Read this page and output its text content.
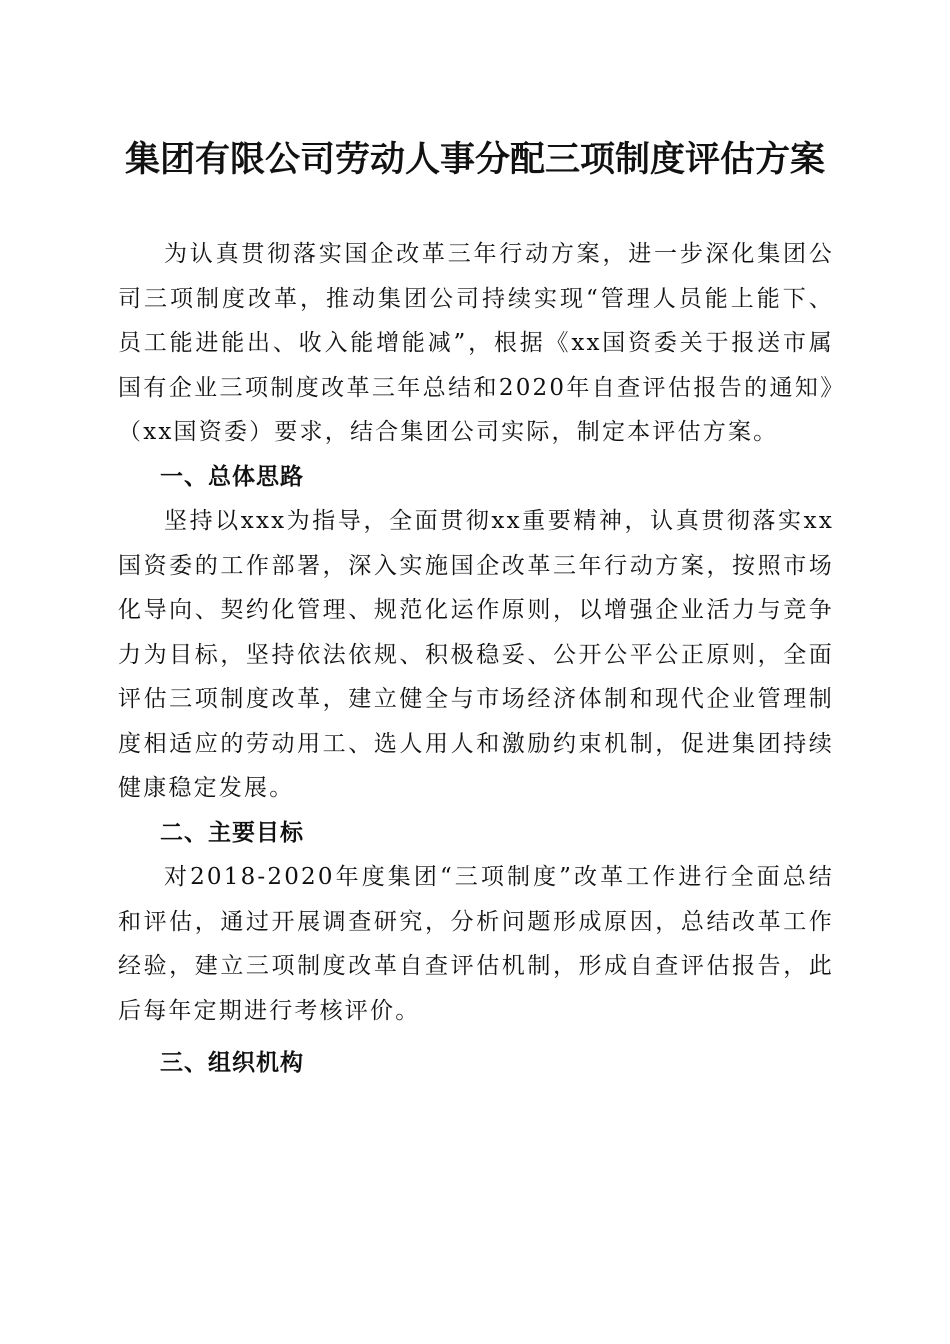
集团有限公司劳动人事分配三项制度评估方案

为认真贯彻落实国企改革三年行动方案，进一步深化集团公司三项制度改革，推动集团公司持续实现“管理人员能上能下、员工能进能出、收入能增能减”，根据《xx国资委关于报送市属国有企业三项制度改革三年总结和2020年自查评估报告的通知》（xx国资委）要求，结合集团公司实际，制定本评估方案。

一、总体思路

坚持以xxx为指导，全面贯彻xx重要精神，认真贯彻落实xx国资委的工作部署，深入实施国企改革三年行动方案，按照市场化导向、契约化管理、规范化运作原则，以增强企业活力与竞争力为目标，坚持依法依规、积极稳妥、公开公平公正原则，全面评估三项制度改革，建立健全与市场经济体制和现代企业管理制度相适应的劳动用工、选人用人和激励约束机制，促进集团持续健康稳定发展。

二、主要目标

对2018-2020年度集团“三项制度”改革工作进行全面总结和评估，通过开展调查研究，分析问题形成原因，总结改革工作经验，建立三项制度改革自查评估机制，形成自查评估报告，此后每年定期进行考核评价。

三、组织机构
